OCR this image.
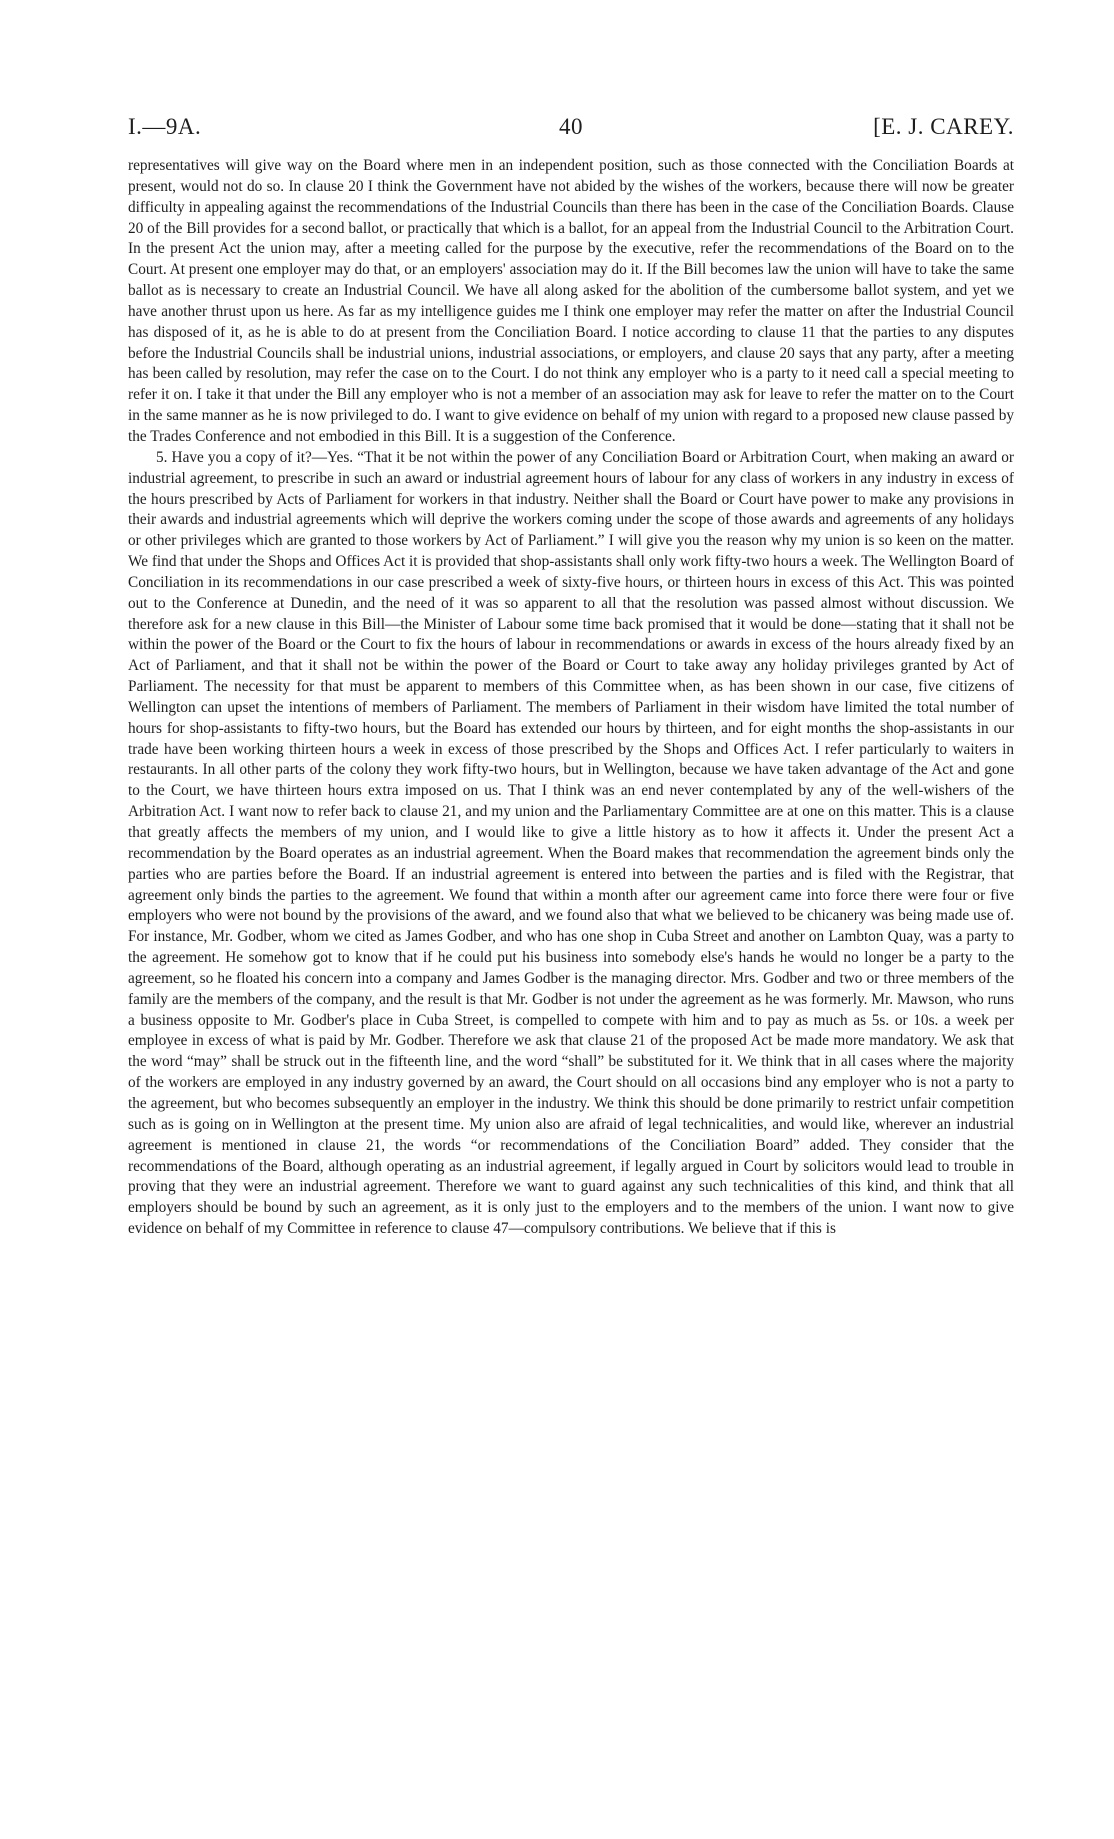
I.—9A.	40	[E. J. CAREY.

representatives will give way on the Board where men in an independent position, such as those connected with the Conciliation Boards at present, would not do so. In clause 20 I think the Government have not abided by the wishes of the workers, because there will now be greater difficulty in appealing against the recommendations of the Industrial Councils than there has been in the case of the Conciliation Boards. Clause 20 of the Bill provides for a second ballot, or practically that which is a ballot, for an appeal from the Industrial Council to the Arbitration Court. In the present Act the union may, after a meeting called for the purpose by the executive, refer the recommendations of the Board on to the Court. At present one employer may do that, or an employers' association may do it. If the Bill becomes law the union will have to take the same ballot as is necessary to create an Industrial Council. We have all along asked for the abolition of the cumbersome ballot system, and yet we have another thrust upon us here. As far as my intelligence guides me I think one employer may refer the matter on after the Industrial Council has disposed of it, as he is able to do at present from the Conciliation Board. I notice according to clause 11 that the parties to any disputes before the Industrial Councils shall be industrial unions, industrial associations, or employers, and clause 20 says that any party, after a meeting has been called by resolution, may refer the case on to the Court. I do not think any employer who is a party to it need call a special meeting to refer it on. I take it that under the Bill any employer who is not a member of an association may ask for leave to refer the matter on to the Court in the same manner as he is now privileged to do. I want to give evidence on behalf of my union with regard to a proposed new clause passed by the Trades Conference and not embodied in this Bill. It is a suggestion of the Conference.

5. Have you a copy of it?—Yes. “That it be not within the power of any Conciliation Board or Arbitration Court, when making an award or industrial agreement, to prescribe in such an award or industrial agreement hours of labour for any class of workers in any industry in excess of the hours prescribed by Acts of Parliament for workers in that industry. Neither shall the Board or Court have power to make any provisions in their awards and industrial agreements which will deprive the workers coming under the scope of those awards and agreements of any holidays or other privileges which are granted to those workers by Act of Parliament.” I will give you the reason why my union is so keen on the matter. We find that under the Shops and Offices Act it is provided that shop-assistants shall only work fifty-two hours a week. The Wellington Board of Conciliation in its recommendations in our case prescribed a week of sixty-five hours, or thirteen hours in excess of this Act. This was pointed out to the Conference at Dunedin, and the need of it was so apparent to all that the resolution was passed almost without discussion. We therefore ask for a new clause in this Bill—the Minister of Labour some time back promised that it would be done—stating that it shall not be within the power of the Board or the Court to fix the hours of labour in recommendations or awards in excess of the hours already fixed by an Act of Parliament, and that it shall not be within the power of the Board or Court to take away any holiday privileges granted by Act of Parliament. The necessity for that must be apparent to members of this Committee when, as has been shown in our case, five citizens of Wellington can upset the intentions of members of Parliament. The members of Parliament in their wisdom have limited the total number of hours for shop-assistants to fifty-two hours, but the Board has extended our hours by thirteen, and for eight months the shop-assistants in our trade have been working thirteen hours a week in excess of those prescribed by the Shops and Offices Act. I refer particularly to waiters in restaurants. In all other parts of the colony they work fifty-two hours, but in Wellington, because we have taken advantage of the Act and gone to the Court, we have thirteen hours extra imposed on us. That I think was an end never contemplated by any of the well-wishers of the Arbitration Act. I want now to refer back to clause 21, and my union and the Parliamentary Committee are at one on this matter. This is a clause that greatly affects the members of my union, and I would like to give a little history as to how it affects it. Under the present Act a recommendation by the Board operates as an industrial agreement. When the Board makes that recommendation the agreement binds only the parties who are parties before the Board. If an industrial agreement is entered into between the parties and is filed with the Registrar, that agreement only binds the parties to the agreement. We found that within a month after our agreement came into force there were four or five employers who were not bound by the provisions of the award, and we found also that what we believed to be chicanery was being made use of. For instance, Mr. Godber, whom we cited as James Godber, and who has one shop in Cuba Street and another on Lambton Quay, was a party to the agreement. He somehow got to know that if he could put his business into somebody else's hands he would no longer be a party to the agreement, so he floated his concern into a company and James Godber is the managing director. Mrs. Godber and two or three members of the family are the members of the company, and the result is that Mr. Godber is not under the agreement as he was formerly. Mr. Mawson, who runs a business opposite to Mr. Godber's place in Cuba Street, is compelled to compete with him and to pay as much as 5s. or 10s. a week per employee in excess of what is paid by Mr. Godber. Therefore we ask that clause 21 of the proposed Act be made more mandatory. We ask that the word “may” shall be struck out in the fifteenth line, and the word “shall” be substituted for it. We think that in all cases where the majority of the workers are employed in any industry governed by an award, the Court should on all occasions bind any employer who is not a party to the agreement, but who becomes subsequently an employer in the industry. We think this should be done primarily to restrict unfair competition such as is going on in Wellington at the present time. My union also are afraid of legal technicalities, and would like, wherever an industrial agreement is mentioned in clause 21, the words “or recommendations of the Conciliation Board” added. They consider that the recommendations of the Board, although operating as an industrial agreement, if legally argued in Court by solicitors would lead to trouble in proving that they were an industrial agreement. Therefore we want to guard against any such technicalities of this kind, and think that all employers should be bound by such an agreement, as it is only just to the employers and to the members of the union. I want now to give evidence on behalf of my Committee in reference to clause 47—compulsory contributions. We believe that if this is
